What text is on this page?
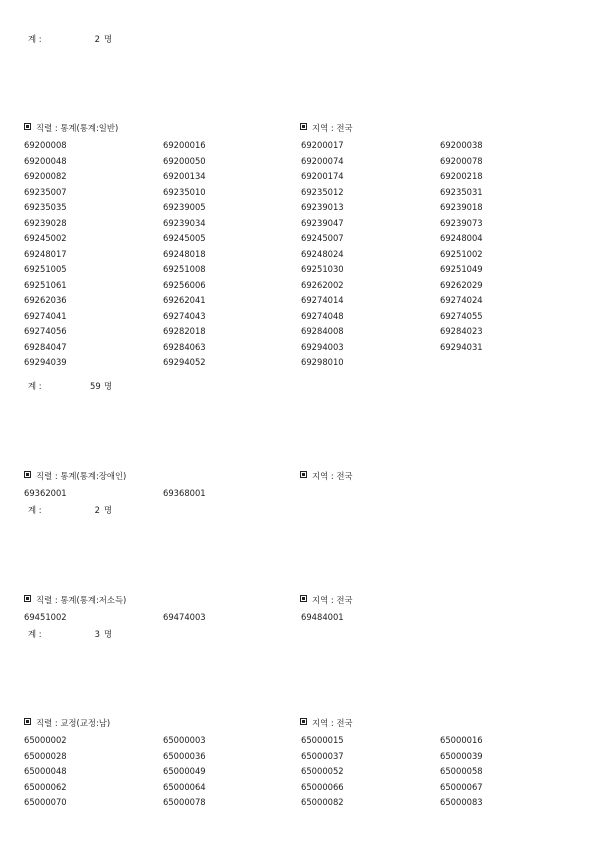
계 :	2 명
직렬 : 통계(통계:일반)	지역 : 전국
69200008	69200016	69200017	69200038
69200048	69200050	69200074	69200078
69200082	69200134	69200174	69200218
69235007	69235010	69235012	69235031
69235035	69239005	69239013	69239018
69239028	69239034	69239047	69239073
69245002	69245005	69245007	69248004
69248017	69248018	69248024	69251002
69251005	69251008	69251030	69251049
69251061	69256006	69262002	69262029
69262036	69262041	69274014	69274024
69274041	69274043	69274048	69274055
69274056	69282018	69284008	69284023
69284047	69284063	69294003	69294031
69294039	69294052	69298010
계 :	59 명
직렬 : 통계(통계:장애인)	지역 : 전국
69362001	69368001
계 :	2 명
직렬 : 통계(통계:저소득)	지역 : 전국
69451002	69474003	69484001
계 :	3 명
직렬 : 교정(교정:남)	지역 : 전국
65000002	65000003	65000015	65000016
65000028	65000036	65000037	65000039
65000048	65000049	65000052	65000058
65000062	65000064	65000066	65000067
65000070	65000078	65000082	65000083
